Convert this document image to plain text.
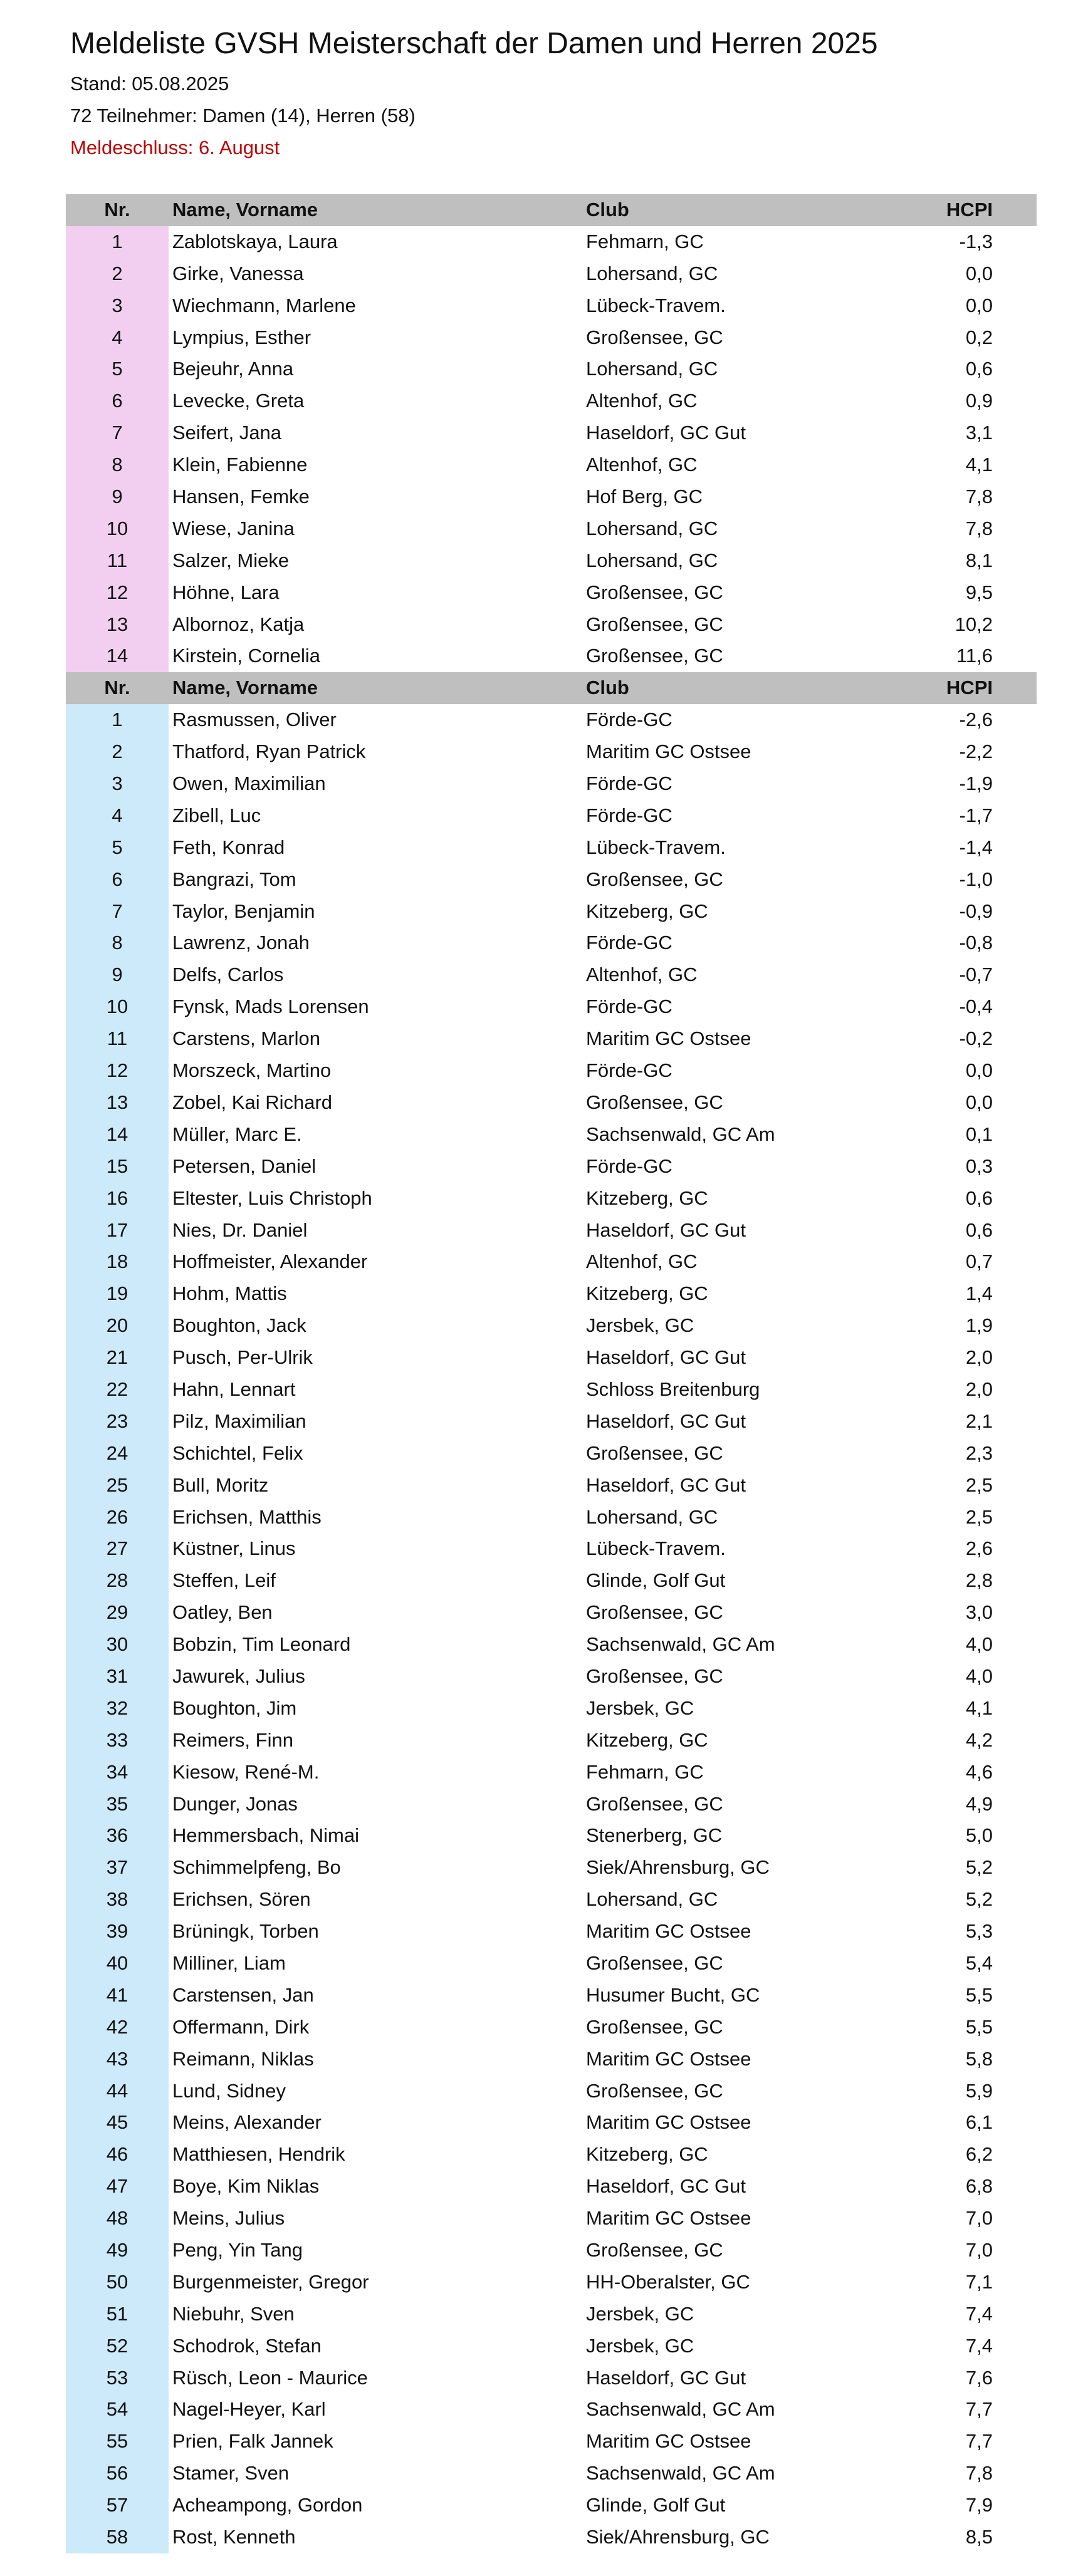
Meldeliste GVSH Meisterschaft der Damen und Herren 2025
Stand: 05.08.2025
72 Teilnehmer: Damen (14), Herren (58)
Meldeschluss: 6. August
Nr.	Name, Vorname	Club	HCPI
1	Zablotskaya, Laura	Fehmarn, GC	-1,3
2	Girke, Vanessa	Lohersand, GC	0,0
3	Wiechmann, Marlene	Lübeck-Travem.	0,0
4	Lympius, Esther	Großensee, GC	0,2
5	Bejeuhr, Anna	Lohersand, GC	0,6
6	Levecke, Greta	Altenhof, GC	0,9
7	Seifert, Jana	Haseldorf, GC Gut	3,1
8	Klein, Fabienne	Altenhof, GC	4,1
9	Hansen, Femke	Hof Berg, GC	7,8
10	Wiese, Janina	Lohersand, GC	7,8
11	Salzer, Mieke	Lohersand, GC	8,1
12	Höhne, Lara	Großensee, GC	9,5
13	Albornoz, Katja	Großensee, GC	10,2
14	Kirstein, Cornelia	Großensee, GC	11,6
Nr.	Name, Vorname	Club	HCPI
1	Rasmussen, Oliver	Förde-GC	-2,6
2	Thatford, Ryan Patrick	Maritim GC Ostsee	-2,2
3	Owen, Maximilian	Förde-GC	-1,9
4	Zibell, Luc	Förde-GC	-1,7
5	Feth, Konrad	Lübeck-Travem.	-1,4
6	Bangrazi, Tom	Großensee, GC	-1,0
7	Taylor, Benjamin	Kitzeberg, GC	-0,9
8	Lawrenz, Jonah	Förde-GC	-0,8
9	Delfs, Carlos	Altenhof, GC	-0,7
10	Fynsk, Mads Lorensen	Förde-GC	-0,4
11	Carstens, Marlon	Maritim GC Ostsee	-0,2
12	Morszeck, Martino	Förde-GC	0,0
13	Zobel, Kai Richard	Großensee, GC	0,0
14	Müller, Marc E.	Sachsenwald, GC Am	0,1
15	Petersen, Daniel	Förde-GC	0,3
16	Eltester, Luis Christoph	Kitzeberg, GC	0,6
17	Nies, Dr. Daniel	Haseldorf, GC Gut	0,6
18	Hoffmeister, Alexander	Altenhof, GC	0,7
19	Hohm, Mattis	Kitzeberg, GC	1,4
20	Boughton, Jack	Jersbek, GC	1,9
21	Pusch, Per-Ulrik	Haseldorf, GC Gut	2,0
22	Hahn, Lennart	Schloss Breitenburg	2,0
23	Pilz, Maximilian	Haseldorf, GC Gut	2,1
24	Schichtel, Felix	Großensee, GC	2,3
25	Bull, Moritz	Haseldorf, GC Gut	2,5
26	Erichsen, Matthis	Lohersand, GC	2,5
27	Küstner, Linus	Lübeck-Travem.	2,6
28	Steffen, Leif	Glinde, Golf Gut	2,8
29	Oatley, Ben	Großensee, GC	3,0
30	Bobzin, Tim Leonard	Sachsenwald, GC Am	4,0
31	Jawurek, Julius	Großensee, GC	4,0
32	Boughton, Jim	Jersbek, GC	4,1
33	Reimers, Finn	Kitzeberg, GC	4,2
34	Kiesow, René-M.	Fehmarn, GC	4,6
35	Dunger, Jonas	Großensee, GC	4,9
36	Hemmersbach, Nimai	Stenerberg, GC	5,0
37	Schimmelpfeng, Bo	Siek/Ahrensburg, GC	5,2
38	Erichsen, Sören	Lohersand, GC	5,2
39	Brüningk, Torben	Maritim GC Ostsee	5,3
40	Milliner, Liam	Großensee, GC	5,4
41	Carstensen, Jan	Husumer Bucht, GC	5,5
42	Offermann, Dirk	Großensee, GC	5,5
43	Reimann, Niklas	Maritim GC Ostsee	5,8
44	Lund, Sidney	Großensee, GC	5,9
45	Meins, Alexander	Maritim GC Ostsee	6,1
46	Matthiesen, Hendrik	Kitzeberg, GC	6,2
47	Boye, Kim Niklas	Haseldorf, GC Gut	6,8
48	Meins, Julius	Maritim GC Ostsee	7,0
49	Peng, Yin Tang	Großensee, GC	7,0
50	Burgenmeister, Gregor	HH-Oberalster, GC	7,1
51	Niebuhr, Sven	Jersbek, GC	7,4
52	Schodrok, Stefan	Jersbek, GC	7,4
53	Rüsch, Leon - Maurice	Haseldorf, GC Gut	7,6
54	Nagel-Heyer, Karl	Sachsenwald, GC Am	7,7
55	Prien, Falk Jannek	Maritim GC Ostsee	7,7
56	Stamer, Sven	Sachsenwald, GC Am	7,8
57	Acheampong, Gordon	Glinde, Golf Gut	7,9
58	Rost, Kenneth	Siek/Ahrensburg, GC	8,5
